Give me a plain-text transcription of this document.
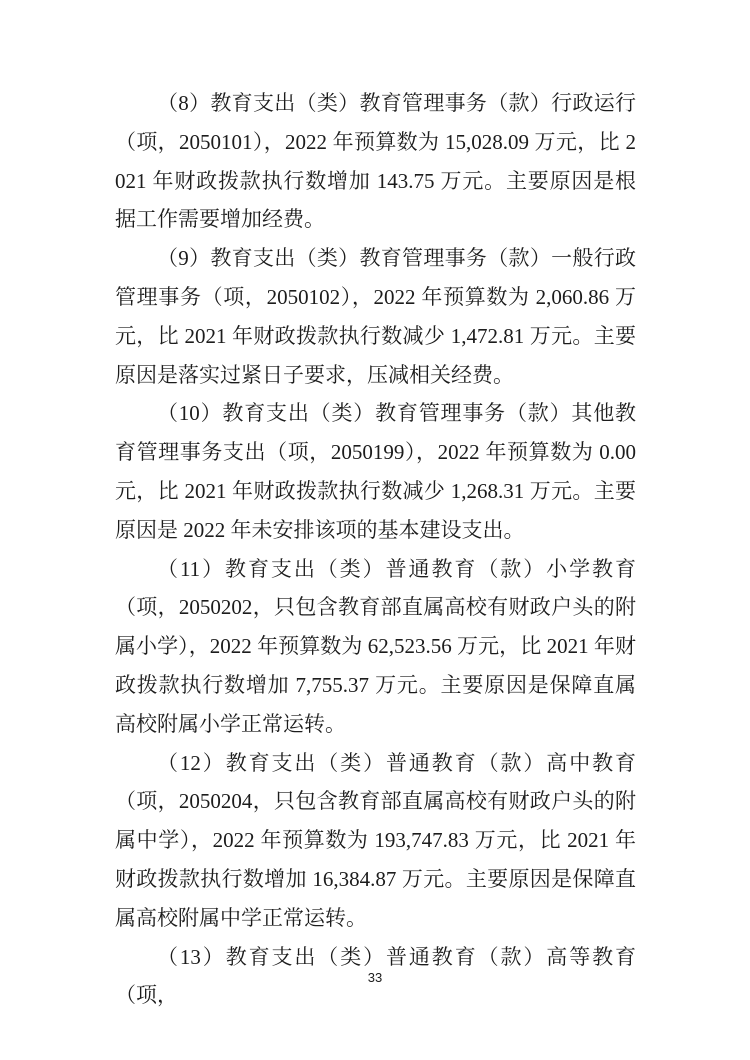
（8）教育支出（类）教育管理事务（款）行政运行（项，2050101），2022 年预算数为 15,028.09 万元，比 2021 年财政拨款执行数增加 143.75 万元。主要原因是根据工作需要增加经费。

（9）教育支出（类）教育管理事务（款）一般行政管理事务（项，2050102），2022 年预算数为 2,060.86 万元，比 2021 年财政拨款执行数减少 1,472.81 万元。主要原因是落实过紧日子要求，压减相关经费。

（10）教育支出（类）教育管理事务（款）其他教育管理事务支出（项，2050199），2022 年预算数为 0.00 元，比 2021 年财政拨款执行数减少 1,268.31 万元。主要原因是 2022 年未安排该项的基本建设支出。

（11）教育支出（类）普通教育（款）小学教育（项，2050202，只包含教育部直属高校有财政户头的附属小学），2022 年预算数为 62,523.56 万元，比 2021 年财政拨款执行数增加 7,755.37 万元。主要原因是保障直属高校附属小学正常运转。

（12）教育支出（类）普通教育（款）高中教育（项，2050204，只包含教育部直属高校有财政户头的附属中学），2022 年预算数为 193,747.83 万元，比 2021 年财政拨款执行数增加 16,384.87 万元。主要原因是保障直属高校附属中学正常运转。

（13）教育支出（类）普通教育（款）高等教育（项，

33
